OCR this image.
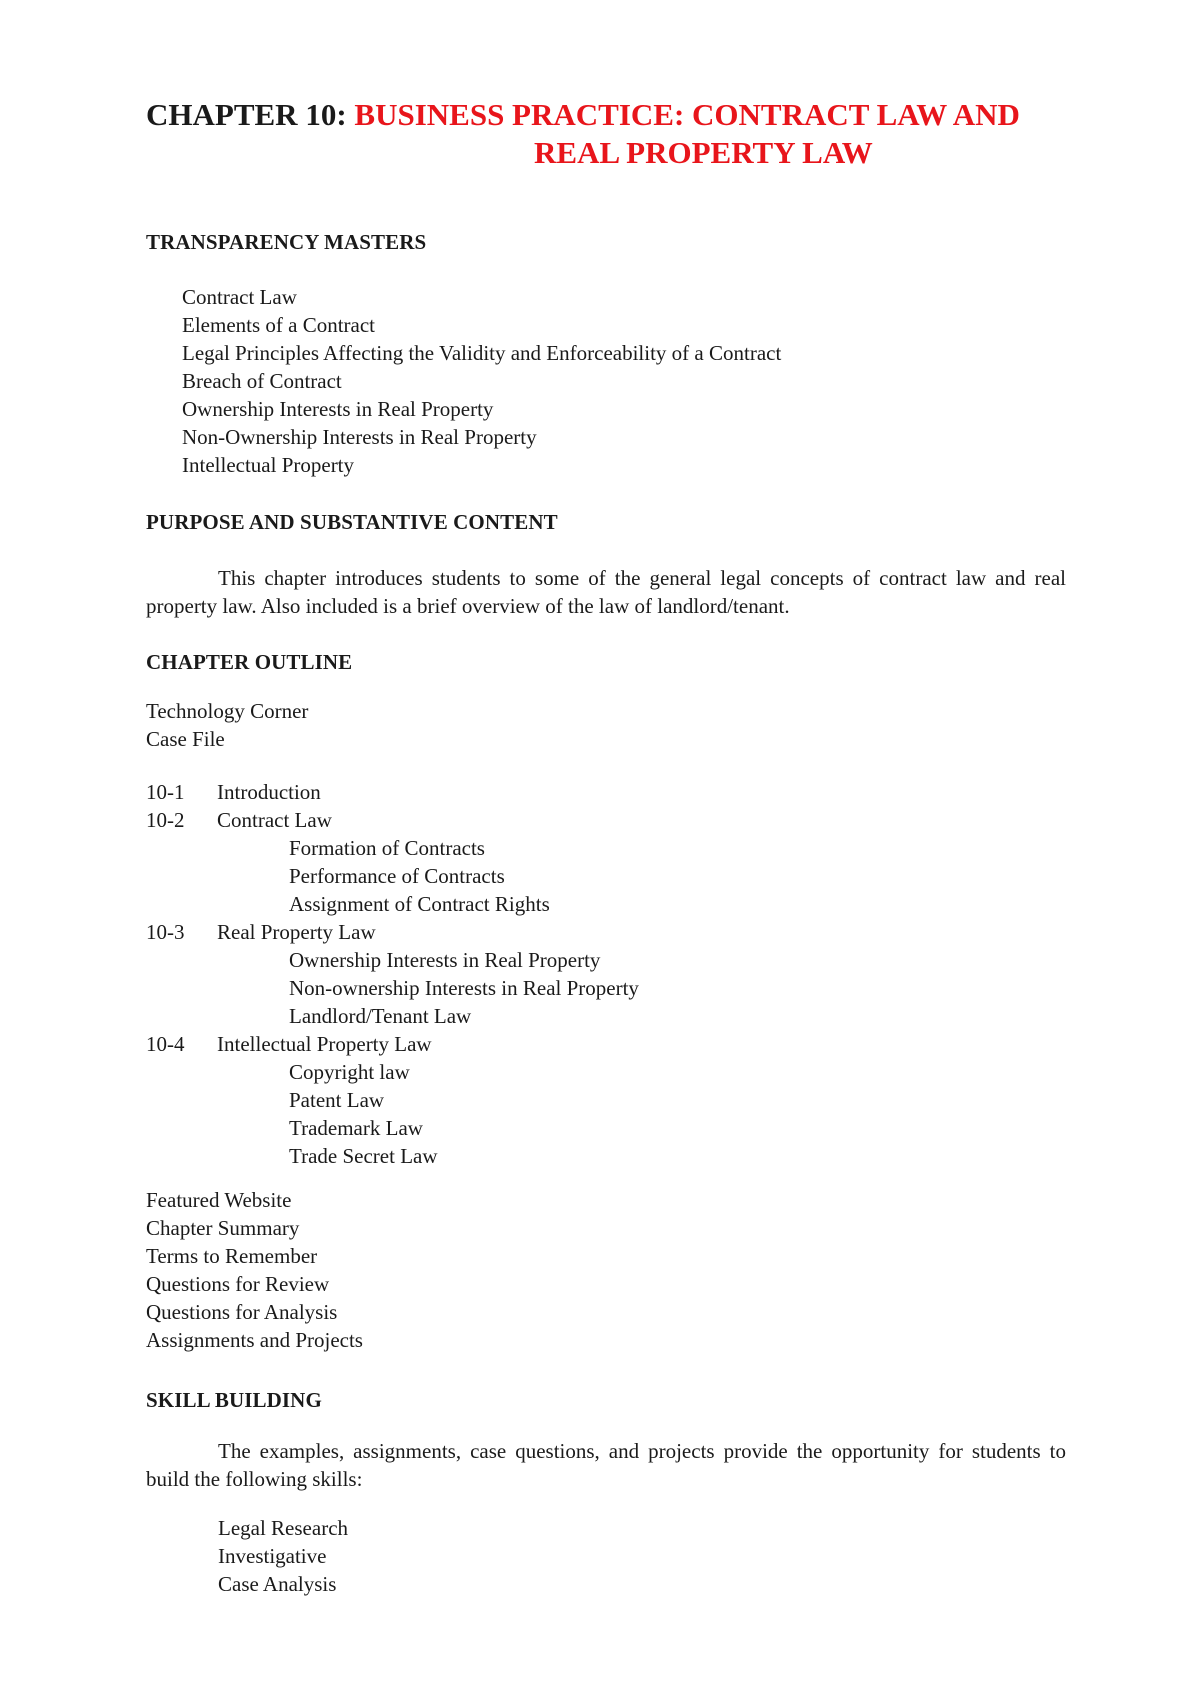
CHAPTER 10: BUSINESS PRACTICE: CONTRACT LAW AND
REAL PROPERTY LAW
TRANSPARENCY MASTERS
Contract Law
Elements of a Contract
Legal Principles Affecting the Validity and Enforceability of a Contract
Breach of Contract
Ownership Interests in Real Property
Non-Ownership Interests in Real Property
Intellectual Property
PURPOSE AND SUBSTANTIVE CONTENT

This chapter introduces students to some of the general legal concepts of contract law and real property law. Also included is a brief overview of the law of landlord/tenant.

CHAPTER OUTLINE
Technology Corner
Case File
10-1	Introduction
10-2	Contract Law
Formation of Contracts
Performance of Contracts
Assignment of Contract Rights
10-3	Real Property Law
Ownership Interests in Real Property
Non-ownership Interests in Real Property
Landlord/Tenant Law
10-4	Intellectual Property Law
Copyright law
Patent Law
Trademark Law
Trade Secret Law
Featured Website
Chapter Summary
Terms to Remember
Questions for Review
Questions for Analysis
Assignments and Projects
SKILL BUILDING

The examples, assignments, case questions, and projects provide the opportunity for students to build the following skills:

Legal Research
Investigative
Case Analysis
